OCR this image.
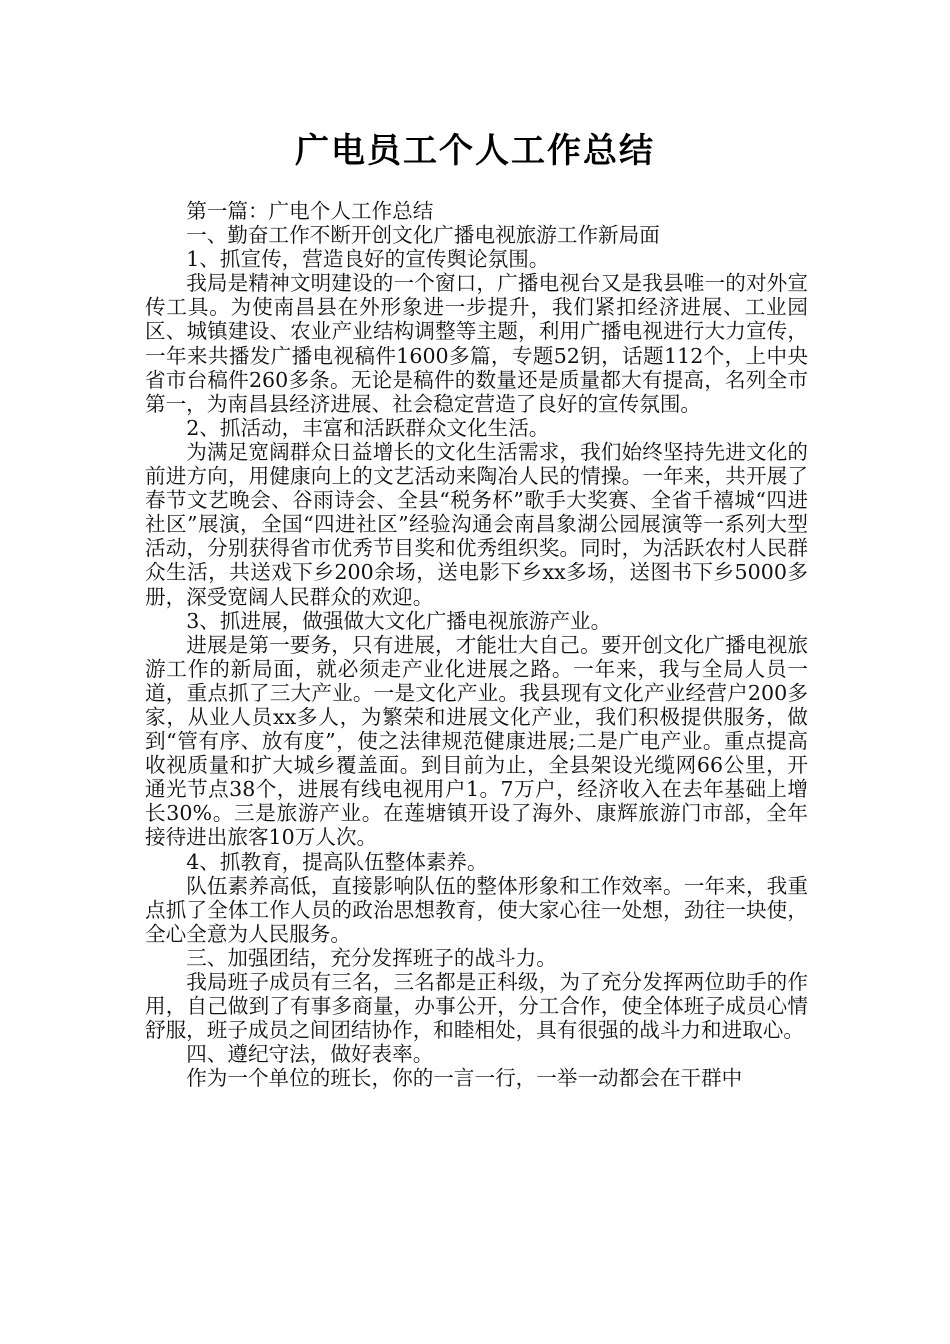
广电员工个人工作总结

第一篇：广电个人工作总结

一、勤奋工作不断开创文化广播电视旅游工作新局面

1、抓宣传，营造良好的宣传舆论氛围。

我局是精神文明建设的一个窗口，广播电视台又是我县唯一的对外宣传工具。为使南昌县在外形象进一步提升，我们紧扣经济进展、工业园区、城镇建设、农业产业结构调整等主题，利用广播电视进行大力宣传，一年来共播发广播电视稿件1600多篇，专题52钥，话题112个，上中央省市台稿件260多条。无论是稿件的数量还是质量都大有提高，名列全市第一，为南昌县经济进展、社会稳定营造了良好的宣传氛围。

2、抓活动，丰富和活跃群众文化生活。

为满足宽阔群众日益增长的文化生活需求，我们始终坚持先进文化的前进方向，用健康向上的文艺活动来陶冶人民的情操。一年来，共开展了春节文艺晚会、谷雨诗会、全县“税务杯”歌手大奖赛、全省千禧城“四进社区”展演，全国“四进社区”经验沟通会南昌象湖公园展演等一系列大型活动，分别获得省市优秀节目奖和优秀组织奖。同时，为活跃农村人民群众生活，共送戏下乡200余场，送电影下乡xx多场，送图书下乡5000多册，深受宽阔人民群众的欢迎。

3、抓进展，做强做大文化广播电视旅游产业。

进展是第一要务，只有进展，才能壮大自己。要开创文化广播电视旅游工作的新局面，就必须走产业化进展之路。一年来，我与全局人员一道，重点抓了三大产业。一是文化产业。我县现有文化产业经营户200多家，从业人员xx多人，为繁荣和进展文化产业，我们积极提供服务，做到“管有序、放有度”，使之法律规范健康进展;二是广电产业。重点提高收视质量和扩大城乡覆盖面。到目前为止，全县架设光缆网66公里，开通光节点38个，进展有线电视用户1。7万户，经济收入在去年基础上增长30%。三是旅游产业。在莲塘镇开设了海外、康辉旅游门市部，全年接待进出旅客10万人次。

4、抓教育，提高队伍整体素养。

队伍素养高低，直接影响队伍的整体形象和工作效率。一年来，我重点抓了全体工作人员的政治思想教育，使大家心往一处想，劲往一块使，全心全意为人民服务。

三、加强团结，充分发挥班子的战斗力。

我局班子成员有三名，三名都是正科级，为了充分发挥两位助手的作用，自己做到了有事多商量，办事公开，分工合作，使全体班子成员心情舒服，班子成员之间团结协作，和睦相处，具有很强的战斗力和进取心。

四、遵纪守法，做好表率。

作为一个单位的班长，你的一言一行，一举一动都会在干群中
